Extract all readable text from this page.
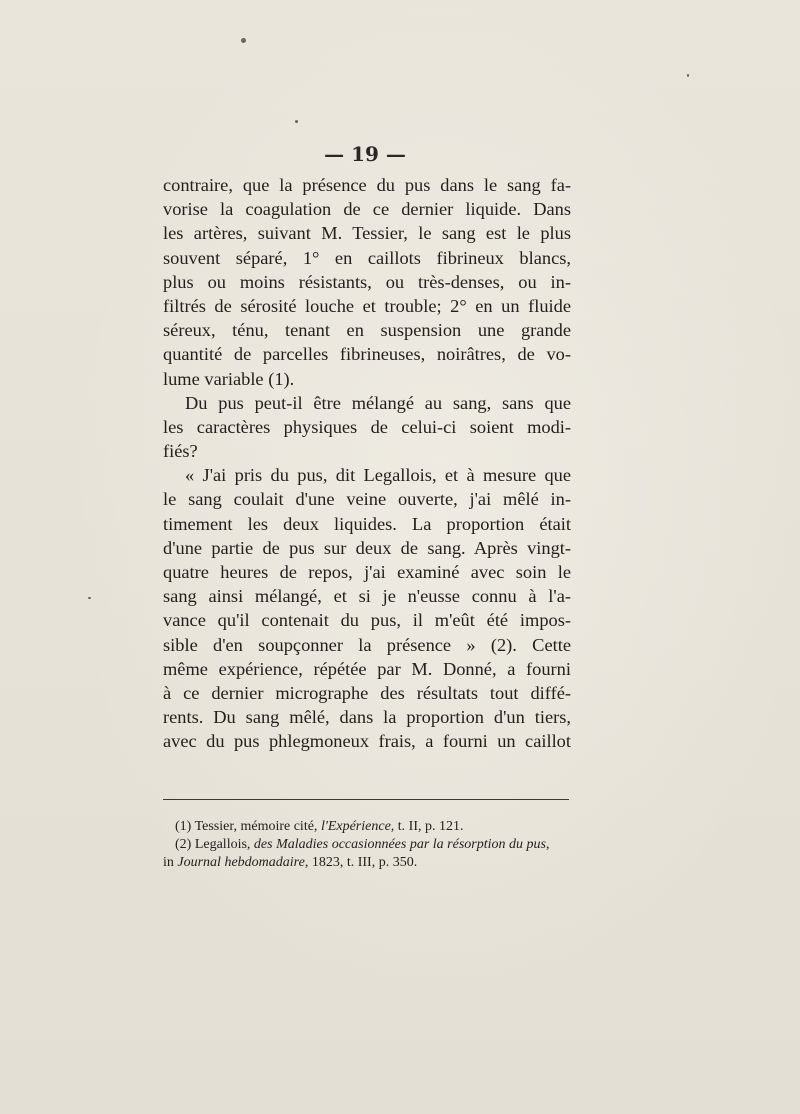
— 19 —
contraire, que la présence du pus dans le sang fa-
vorise la coagulation de ce dernier liquide. Dans
les artères, suivant M. Tessier, le sang est le plus
souvent séparé, 1° en caillots fibrineux blancs,
plus ou moins résistants, ou très-denses, ou in-
filtrés de sérosité louche et trouble; 2° en un fluide
séreux, ténu, tenant en suspension une grande
quantité de parcelles fibrineuses, noirâtres, de vo-
lume variable (1).
Du pus peut-il être mélangé au sang, sans que
les caractères physiques de celui-ci soient modi-
fiés?
« J'ai pris du pus, dit Legallois, et à mesure que
le sang coulait d'une veine ouverte, j'ai mêlé in-
timement les deux liquides. La proportion était
d'une partie de pus sur deux de sang. Après vingt-
quatre heures de repos, j'ai examiné avec soin le
sang ainsi mélangé, et si je n'eusse connu à l'a-
vance qu'il contenait du pus, il m'eût été impos-
sible d'en soupçonner la présence » (2). Cette
même expérience, répétée par M. Donné, a fourni
à ce dernier micrographe des résultats tout diffé-
rents. Du sang mêlé, dans la proportion d'un tiers,
avec du pus phlegmoneux frais, a fourni un caillot
(1) Tessier, mémoire cité, l'Expérience, t. II, p. 121.
(2) Legallois, des Maladies occasionnées par la résorption du pus,
in Journal hebdomadaire, 1823, t. III, p. 350.
